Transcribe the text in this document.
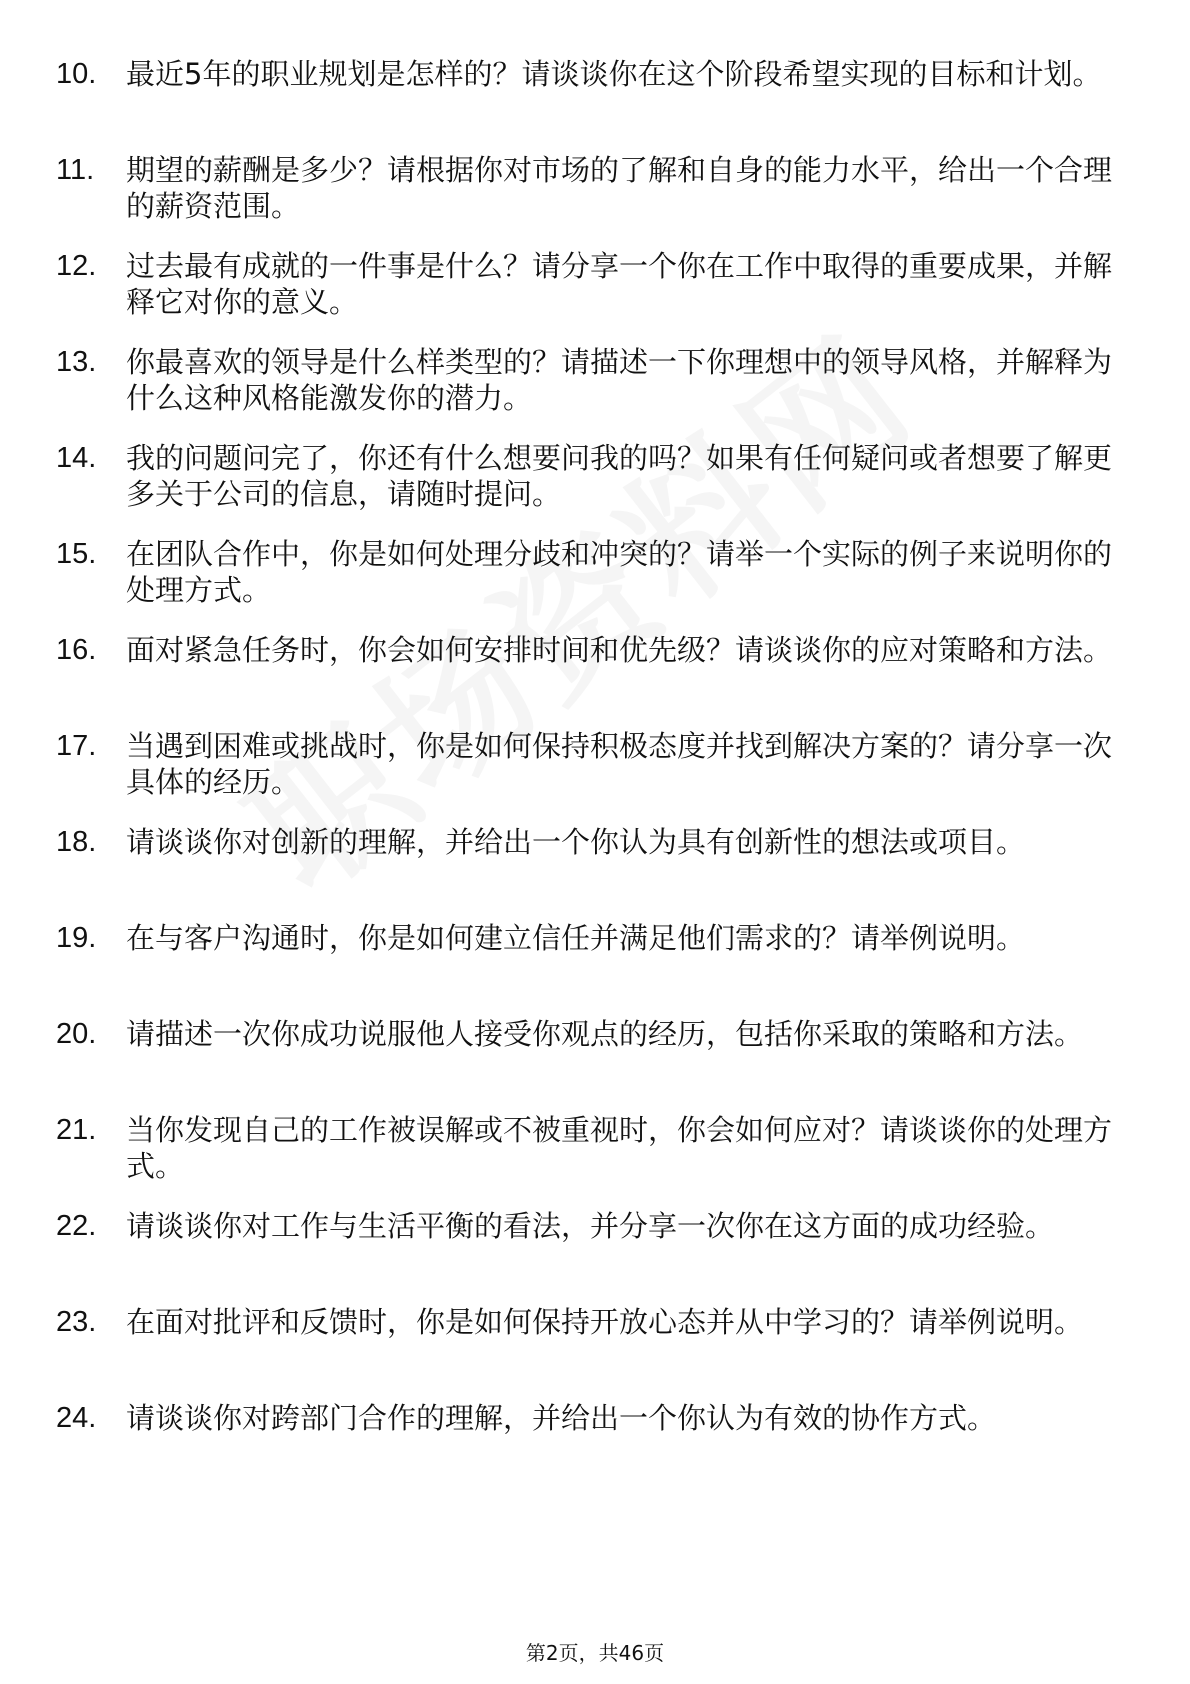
10.	最近5年的职业规划是怎样的？请谈谈你在这个阶段希望实现的目标和计划。
11.	期望的薪酬是多少？请根据你对市场的了解和自身的能力水平，给出一个合理的薪资范围。
12.	过去最有成就的一件事是什么？请分享一个你在工作中取得的重要成果，并解释它对你的意义。
13.	你最喜欢的领导是什么样类型的？请描述一下你理想中的领导风格，并解释为什么这种风格能激发你的潜力。
14.	我的问题问完了，你还有什么想要问我的吗？如果有任何疑问或者想要了解更多关于公司的信息，请随时提问。
15.	在团队合作中，你是如何处理分歧和冲突的？请举一个实际的例子来说明你的处理方式。
16.	面对紧急任务时，你会如何安排时间和优先级？请谈谈你的应对策略和方法。
17.	当遇到困难或挑战时，你是如何保持积极态度并找到解决方案的？请分享一次具体的经历。
18.	请谈谈你对创新的理解，并给出一个你认为具有创新性的想法或项目。
19.	在与客户沟通时，你是如何建立信任并满足他们需求的？请举例说明。
20.	请描述一次你成功说服他人接受你观点的经历，包括你采取的策略和方法。
21.	当你发现自己的工作被误解或不被重视时，你会如何应对？请谈谈你的处理方式。
22.	请谈谈你对工作与生活平衡的看法，并分享一次你在这方面的成功经验。
23.	在面对批评和反馈时，你是如何保持开放心态并从中学习的？请举例说明。
24.	请谈谈你对跨部门合作的理解，并给出一个你认为有效的协作方式。
第2页，共46页
